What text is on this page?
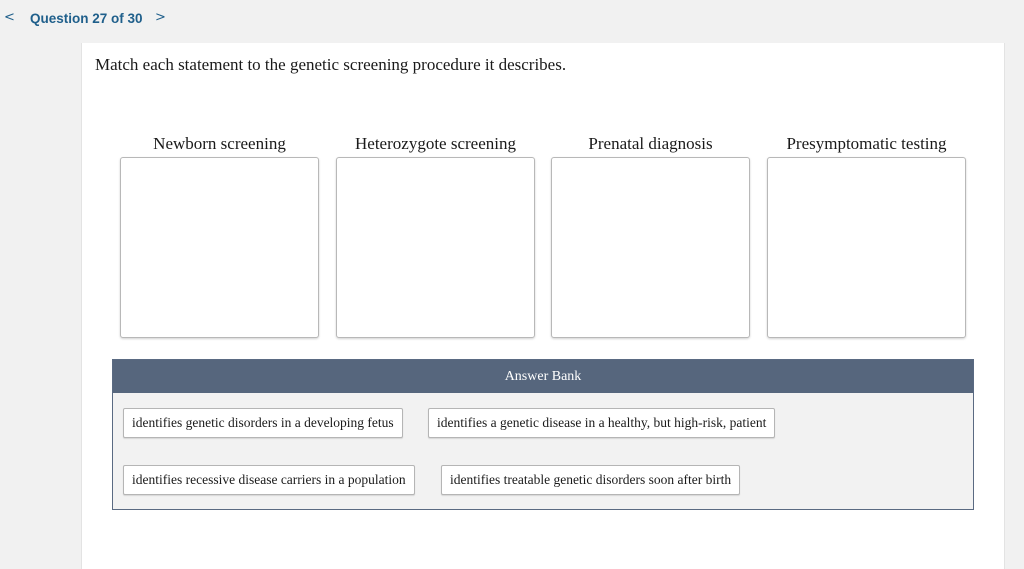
< Question 27 of 30 >
Match each statement to the genetic screening procedure it describes.
Newborn screening	Heterozygote screening	Prenatal diagnosis	Presymptomatic testing
Answer Bank
identifies genetic disorders in a developing fetus	identifies a genetic disease in a healthy, but high-risk, patient
identifies recessive disease carriers in a population	identifies treatable genetic disorders soon after birth
